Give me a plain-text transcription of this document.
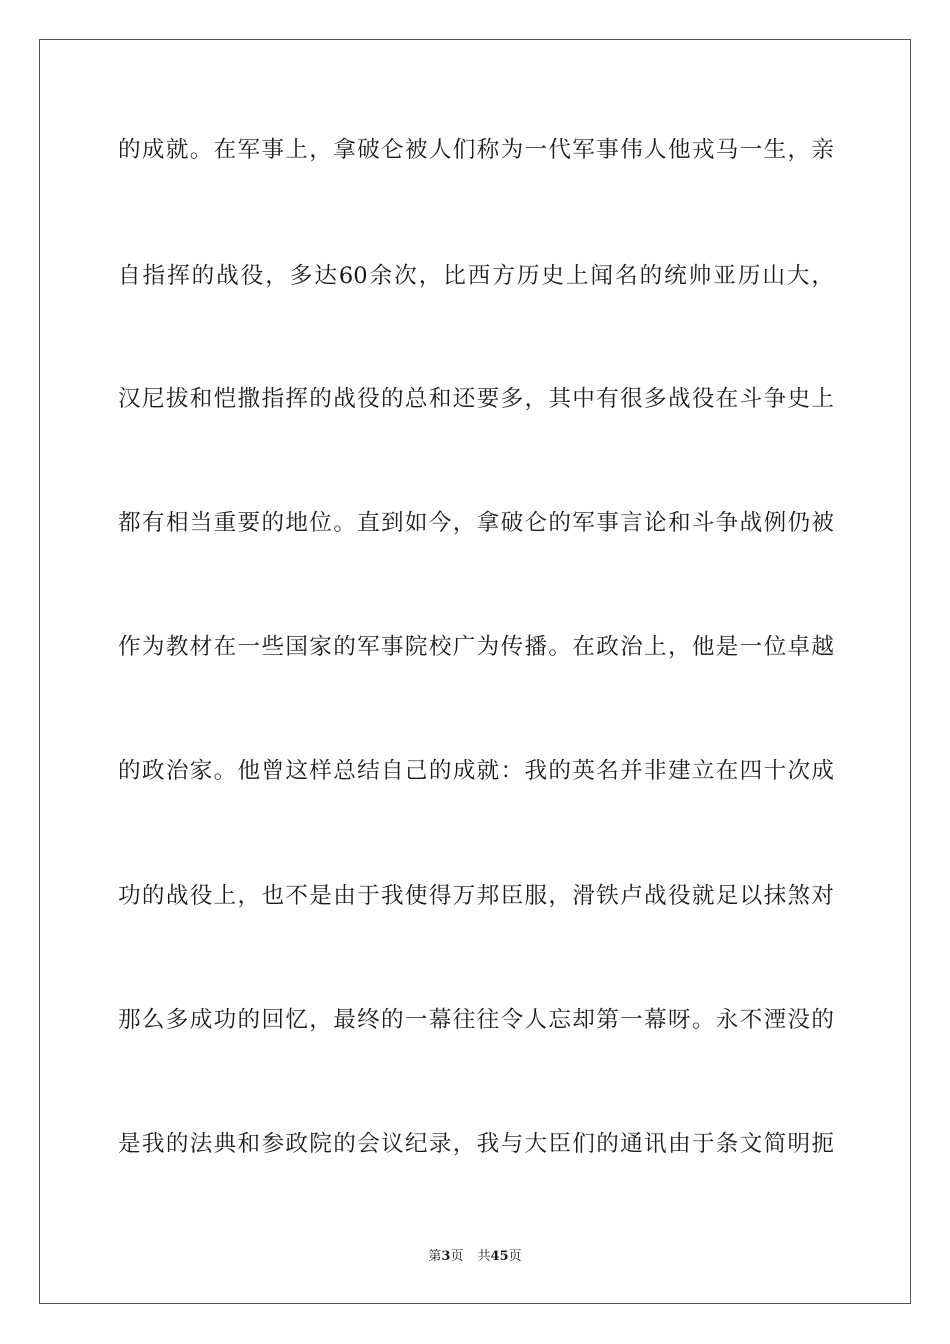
的成就。在军事上，拿破仑被人们称为一代军事伟人他戎马一生，亲
自指挥的战役，多达60余次，比西方历史上闻名的统帅亚历山大，
汉尼拔和恺撒指挥的战役的总和还要多，其中有很多战役在斗争史上
都有相当重要的地位。直到如今，拿破仑的军事言论和斗争战例仍被
作为教材在一些国家的军事院校广为传播。在政治上，他是一位卓越
的政治家。他曾这样总结自己的成就：我的英名并非建立在四十次成
功的战役上，也不是由于我使得万邦臣服，滑铁卢战役就足以抹煞对
那么多成功的回忆，最终的一幕往往令人忘却第一幕呀。永不湮没的
是我的法典和参政院的会议纪录，我与大臣们的通讯由于条文简明扼
第3页 共45页
